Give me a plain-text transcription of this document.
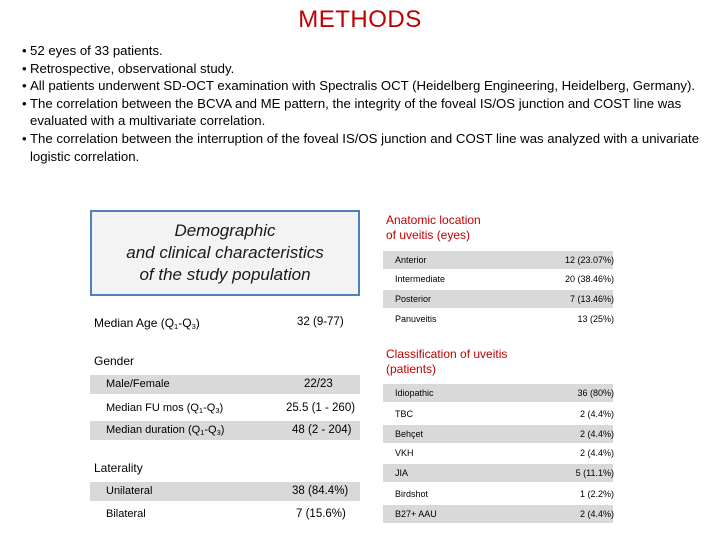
METHODS
• 52 eyes of 33 patients.
• Retrospective, observational study.
• All patients underwent SD-OCT examination with Spectralis OCT (Heidelberg Engineering, Heidelberg, Germany).
• The correlation between the BCVA and ME pattern, the integrity of the foveal IS/OS junction and COST line was evaluated with a multivariate correlation.
• The correlation between the interruption of the foveal IS/OS junction and COST line was analyzed with a univariate logistic correlation.
Demographic
and clinical characteristics
of the study population
Median Age $(Q_1-Q_3)$	32 (9-77)
Gender
Male/Female	22/23
Median FU mos $(Q_1-Q_3)$	25.5 (1 - 260)
Median duration $(Q_1-Q_3)$	48 (2 - 204)
Laterality
Unilateral	38 (84.4%)
Bilateral	7 (15.6%)
Anatomic location
of uveitis (eyes)
Anterior	12 (23.07%)
Intermediate	20 (38.46%)
Posterior	7 (13.46%)
Panuveitis	13 (25%)
Classification of uveitis
(patients)
Idiopathic	36 (80%)
TBC	2 (4.4%)
Behçet	2 (4.4%)
VKH	2 (4.4%)
JIA	5 (11.1%)
Birdshot	1 (2.2%)
B27+ AAU	2 (4.4%)
